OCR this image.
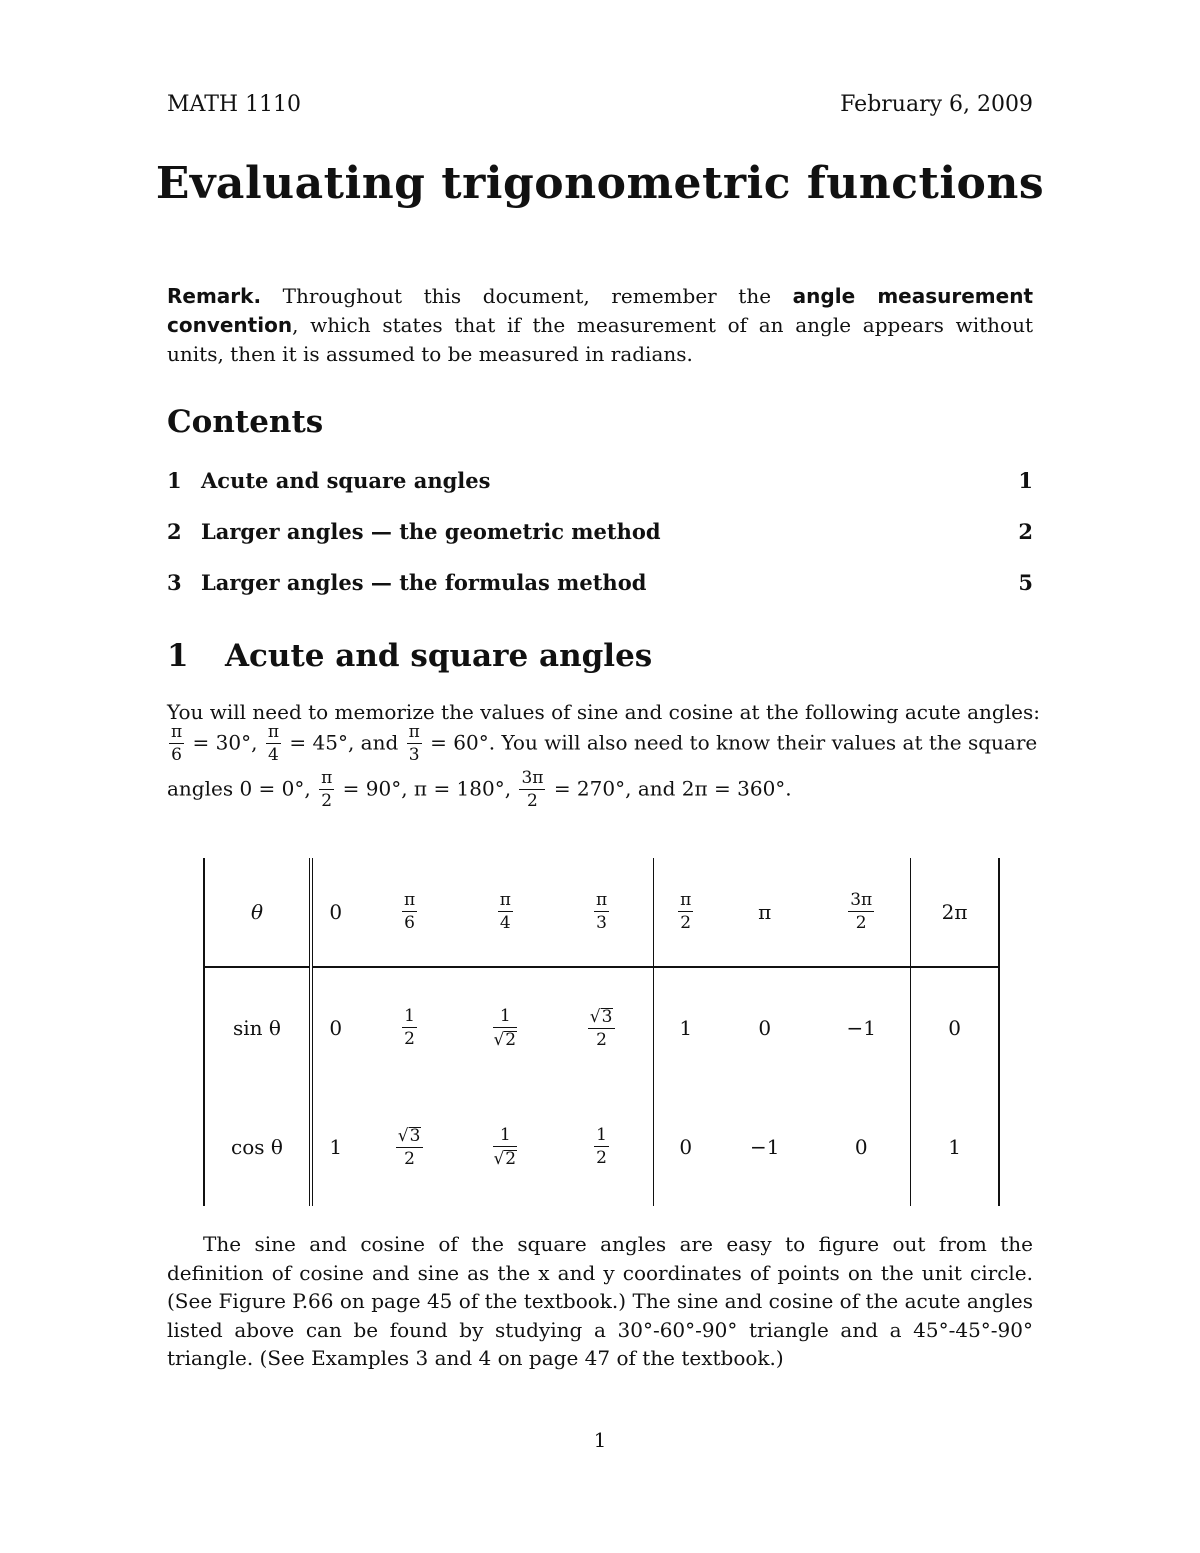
MATH 1110	February 6, 2009
Evaluating trigonometric functions
Remark. Throughout this document, remember the angle measurement convention, which states that if the measurement of an angle appears without units, then it is assumed to be measured in radians.
Contents
1 Acute and square angles	1
2 Larger angles — the geometric method	2
3 Larger angles — the formulas method	5
1 Acute and square angles
You will need to memorize the values of sine and cosine at the following acute angles:
$\frac{\pi}{6} = 30^\circ$, $\frac{\pi}{4} = 45^\circ$, and $\frac{\pi}{3} = 60^\circ$. You will also need to know their values at the square
angles 0 = 0°, $\frac{\pi}{2} = 90^\circ$, π = 180°, $\frac{3\pi}{2} = 270^\circ$, and 2π = 360°.
θ	0	$\frac{\pi}{6}$	$\frac{\pi}{4}$	$\frac{\pi}{3}$	$\frac{\pi}{2}$	π	$\frac{3\pi}{2}$	2π
sin θ	0	$\frac{1}{2}$	$\frac{1}{√2}$	$\frac{√3}{2}$	1	0	−1	0
cos θ	1	$\frac{√3}{2}$	$\frac{1}{√2}$	$\frac{1}{2}$	0	−1	0	1
The sine and cosine of the square angles are easy to figure out from the definition of cosine and sine as the x and y coordinates of points on the unit circle. (See Figure P.66 on page 45 of the textbook.) The sine and cosine of the acute angles listed above can be found by studying a 30°-60°-90° triangle and a 45°-45°-90° triangle. (See Examples 3 and 4 on page 47 of the textbook.)
1
